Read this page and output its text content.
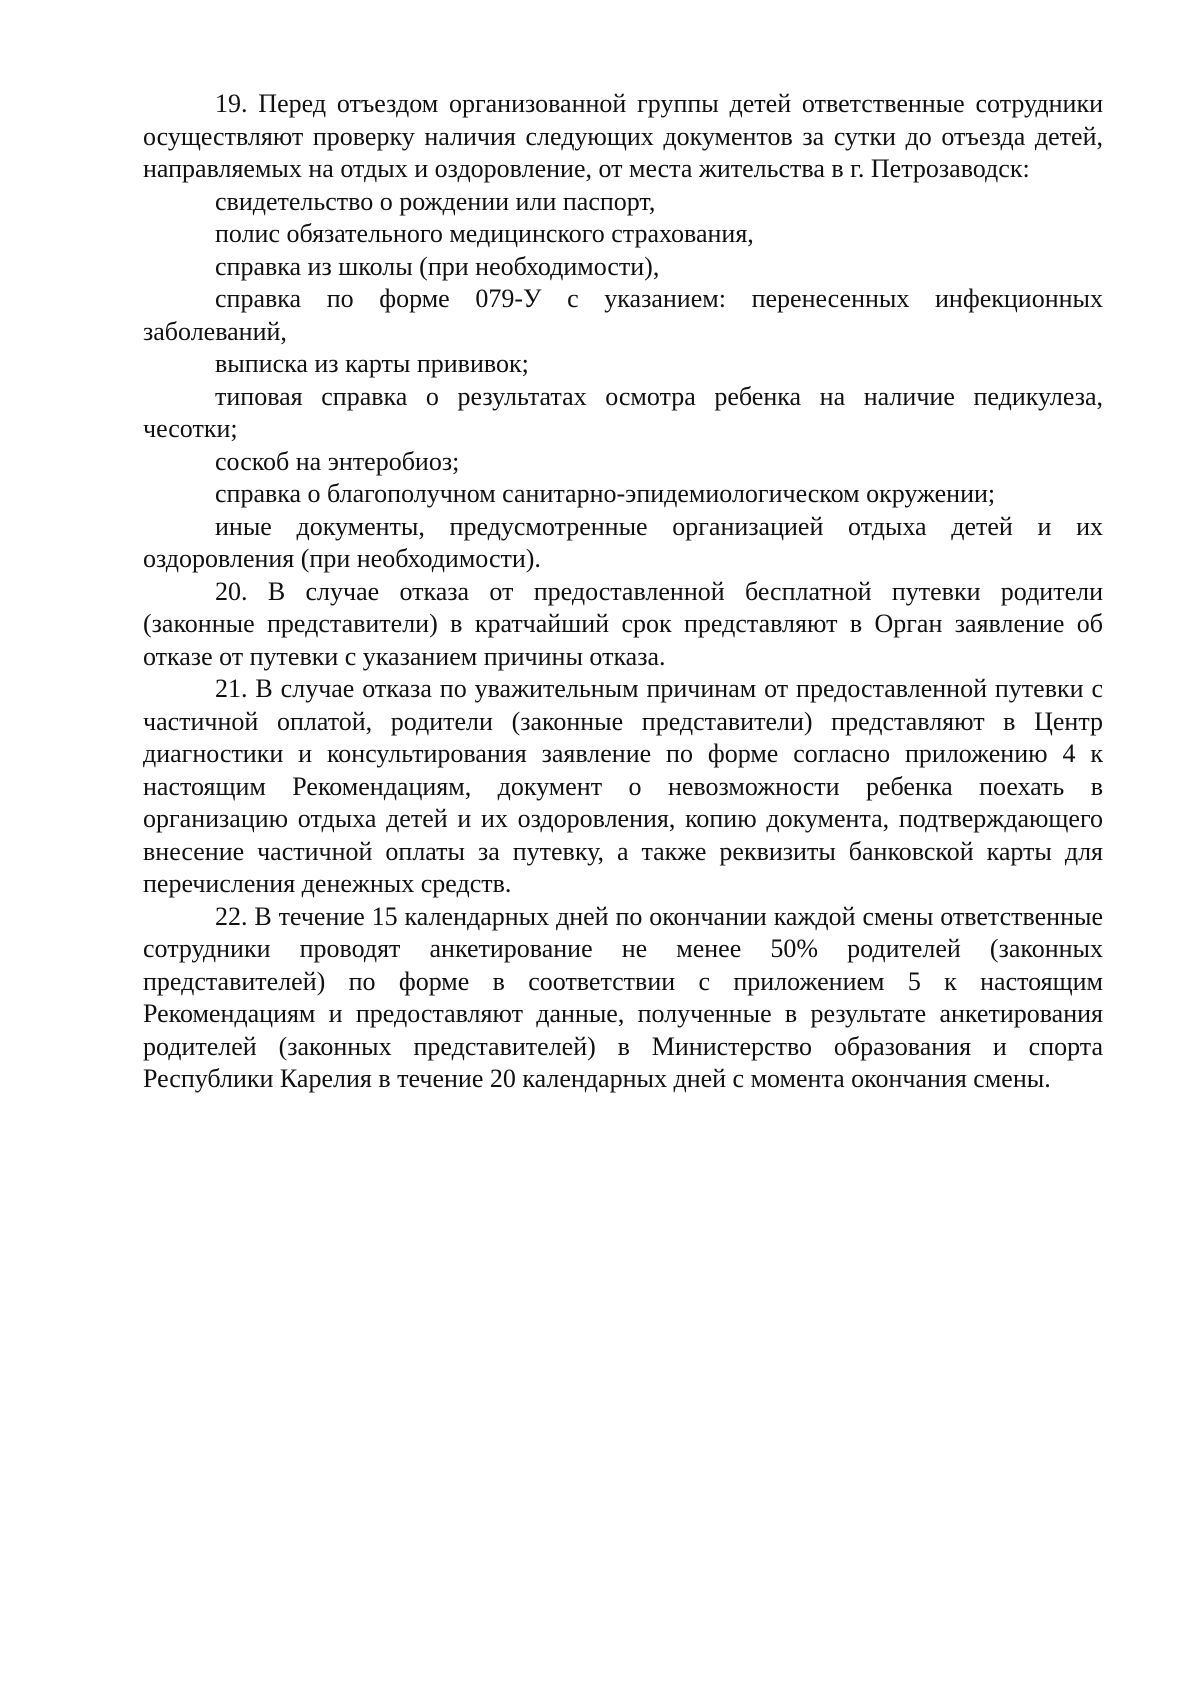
19. Перед отъездом организованной группы детей ответственные сотрудники осуществляют проверку наличия следующих документов за сутки до отъезда детей, направляемых на отдых и оздоровление, от места жительства в г. Петрозаводск:

свидетельство о рождении или паспорт,

полис обязательного медицинского страхования,

справка из школы (при необходимости),

справка по форме 079-У с указанием: перенесенных инфекционных заболеваний,

выписка из карты прививок;

типовая справка о результатах осмотра ребенка на наличие педикулеза, чесотки;

соскоб на энтеробиоз;

справка о благополучном санитарно-эпидемиологическом окружении;

иные документы, предусмотренные организацией отдыха детей и их оздоровления (при необходимости).

20. В случае отказа от предоставленной бесплатной путевки родители (законные представители) в кратчайший срок представляют в Орган заявление об отказе от путевки с указанием причины отказа.

21. В случае отказа по уважительным причинам от предоставленной путевки с частичной оплатой, родители (законные представители) представляют в Центр диагностики и консультирования заявление по форме согласно приложению 4 к настоящим Рекомендациям, документ о невозможности ребенка поехать в организацию отдыха детей и их оздоровления, копию документа, подтверждающего внесение частичной оплаты за путевку, а также реквизиты банковской карты для перечисления денежных средств.

22. В течение 15 календарных дней по окончании каждой смены ответственные сотрудники проводят анкетирование не менее 50% родителей (законных представителей) по форме в соответствии с приложением 5 к настоящим Рекомендациям и предоставляют данные, полученные в результате анкетирования родителей (законных представителей) в Министерство образования и спорта Республики Карелия в течение 20 календарных дней с момента окончания смены.
